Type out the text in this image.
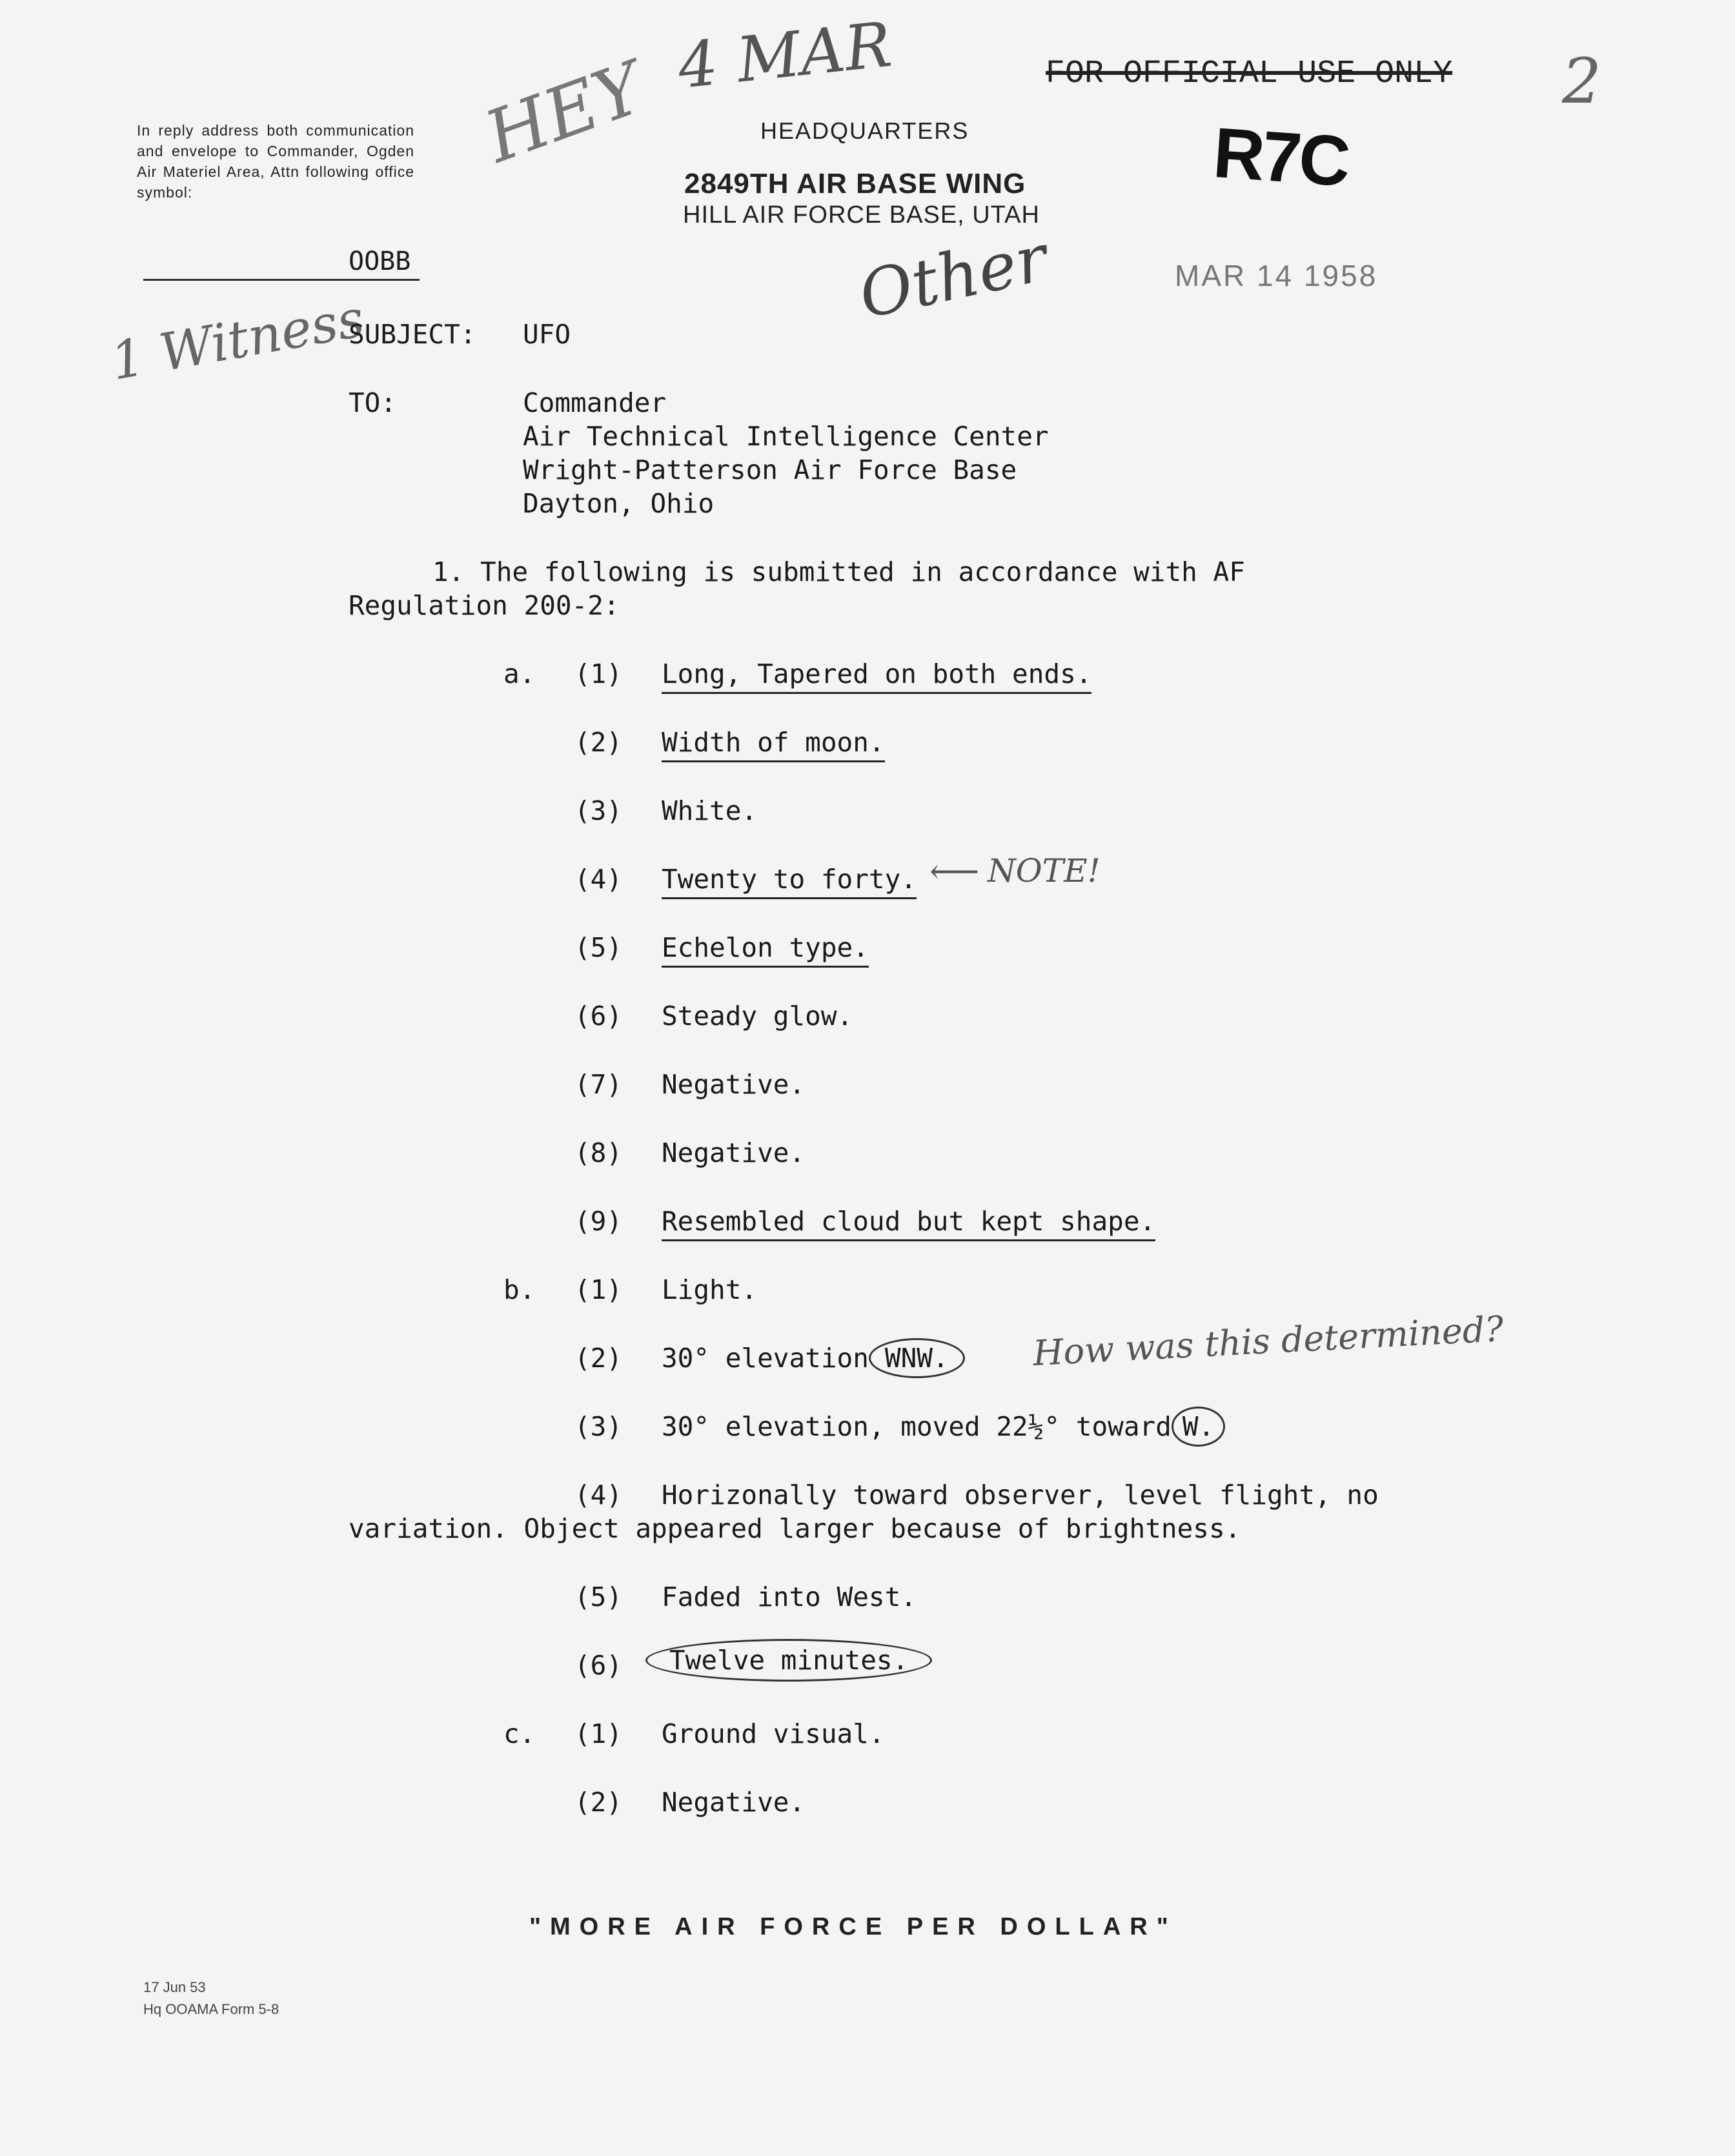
In reply address both communication and envelope to Commander, Ogden Air Materiel Area, Attn following office symbol:
OOBB
HEADQUARTERS
2849TH AIR BASE WING
HILL AIR FORCE BASE, UTAH
4 MAR
HEY	2
FOR OFFICIAL USE ONLY
R7C
Other	MAR 14 1958
1 Witness
SUBJECT: UFO
TO:	Commander
Air Technical Intelligence Center
Wright-Patterson Air Force Base
Dayton, Ohio
1. The following is submitted in accordance with AF
Regulation 200-2:
a. (1) Long, Tapered on both ends.
(2) Width of moon.
(3) White.
(4) Twenty to forty. ⟵ NOTE!
(5) Echelon type.
(6) Steady glow.
(7) Negative.
(8) Negative.
(9) Resembled cloud but kept shape.
b. (1) Light.
(2) 30° elevation WNW.	How was this determined?
(3) 30° elevation, moved 22½° toward W.
(4) Horizonally toward observer, level flight, no
variation. Object appeared larger because of brightness.
(5) Faded into West.
(6)	Twelve minutes.
c. (1) Ground visual.
(2) Negative.
"MORE AIR FORCE PER DOLLAR"
17 Jun 53
Hq OOAMA Form 5-8
